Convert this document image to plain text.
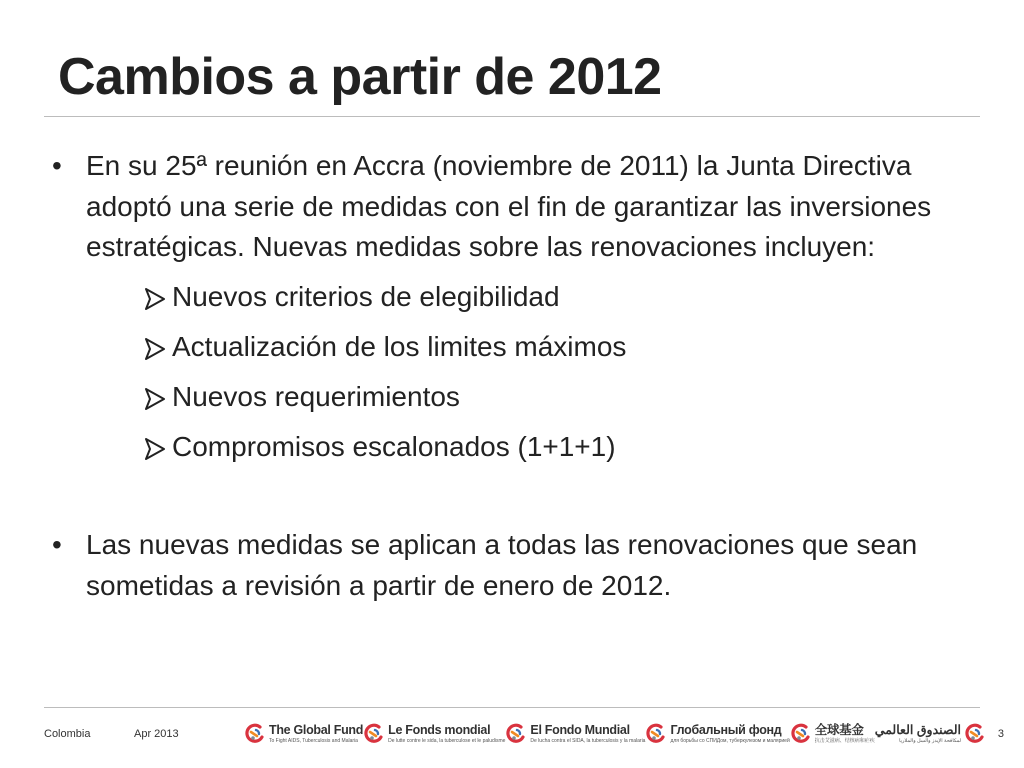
Cambios a partir de 2012
• En su 25ª reunión en Accra (noviembre de 2011) la Junta Directiva adoptó una serie de medidas con el fin de garantizar las inversiones estratégicas. Nuevas medidas sobre las renovaciones incluyen:
Nuevos criterios de elegibilidad
Actualización de los limites máximos
Nuevos requerimientos
Compromisos escalonados (1+1+1)
• Las nuevas medidas se aplican a todas las renovaciones que sean sometidas a revisión a partir de enero de 2012.
Colombia	Apr 2013	The Global Fund
To Fight AIDS, Tuberculosis and Malaria
Le Fonds mondial
De lutte contre le sida, la tuberculose et le paludisme
El Fondo Mundial
De lucha contra el SIDA, la tuberculosis y la malaria
Глобальный фонд
для борьбы со СПИДом, туберкулезом и малярией
全球基金
抗击艾滋病、结核病和疟疾
الصندوق العالمي
لمكافحة الإيدز والسل والملاريا
3
